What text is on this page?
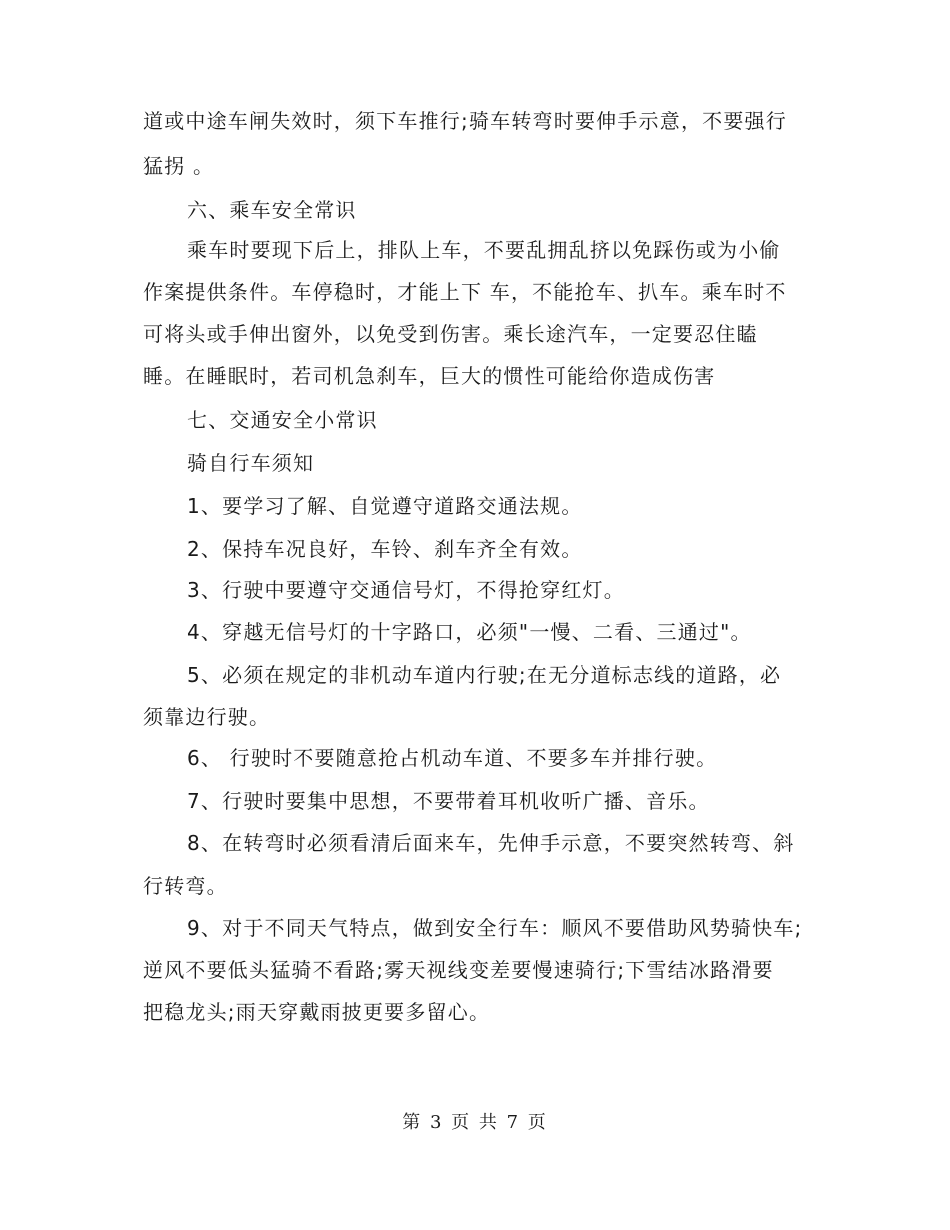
道或中途车闸失效时，须下车推行;骑车转弯时要伸手示意，不要强行
猛拐 。
六、乘车安全常识
乘车时要现下后上，排队上车，不要乱拥乱挤以免踩伤或为小偷
作案提供条件。车停稳时，才能上下 车，不能抢车、扒车。乘车时不
可将头或手伸出窗外，以免受到伤害。乘长途汽车，一定要忍住瞌
睡。在睡眠时，若司机急刹车，巨大的惯性可能给你造成伤害
七、交通安全小常识
骑自行车须知
1、要学习了解、自觉遵守道路交通法规。
2、保持车况良好，车铃、刹车齐全有效。
3、行驶中要遵守交通信号灯，不得抢穿红灯。
4、穿越无信号灯的十字路口，必须"一慢、二看、三通过"。
5、必须在规定的非机动车道内行驶;在无分道标志线的道路，必
须靠边行驶。
6、 行驶时不要随意抢占机动车道、不要多车并排行驶。
7、行驶时要集中思想，不要带着耳机收听广播、音乐。
8、在转弯时必须看清后面来车，先伸手示意，不要突然转弯、斜
行转弯。
9、对于不同天气特点，做到安全行车：顺风不要借助风势骑快车;
逆风不要低头猛骑不看路;雾天视线变差要慢速骑行;下雪结冰路滑要
把稳龙头;雨天穿戴雨披更要多留心。
第 3 页 共 7 页
